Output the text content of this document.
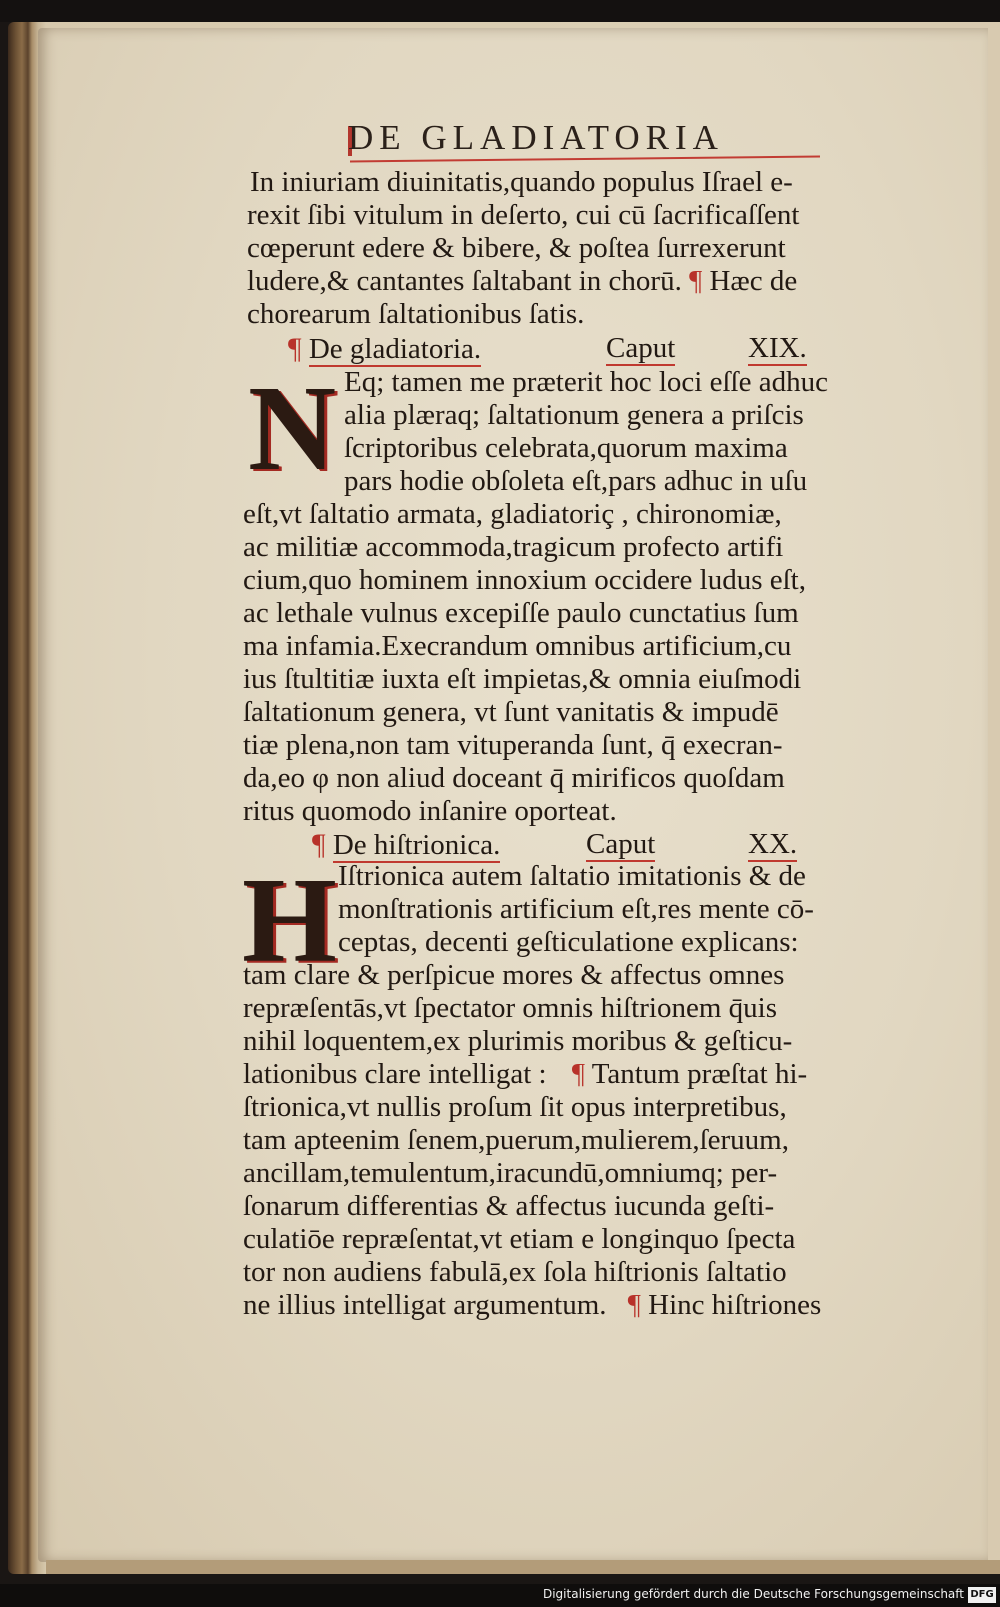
DE GLADIATORIA
In iniuriam diuinitatis,quando populus Iſrael e-
rexit ſibi vitulum in deſerto, cui cū ſacrificaſſent
cœperunt edere & bibere, & poſtea ſurrexerunt
ludere,& cantantes ſaltabant in chorū. ¶ Hæc de
chorearum ſaltationibus ſatis.
¶ De gladiatoria.	Caput	XIX.
N Eq; tamen me præterit hoc loci eſſe adhuc
alia plæraq; ſaltationum genera a priſcis
ſcriptoribus celebrata,quorum maxima
pars hodie obſoleta eſt,pars adhuc in uſu
eſt,vt ſaltatio armata, gladiatoriç , chironomiæ,
ac militiæ accommoda,tragicum profecto artifi
cium,quo hominem innoxium occidere ludus eſt,
ac lethale vulnus excepiſſe paulo cunctatius ſum
ma infamia.Execrandum omnibus artificium,cu
ius ſtultitiæ iuxta eſt impietas,& omnia eiuſmodi
ſaltationum genera, vt ſunt vanitatis & impudē
tiæ plena,non tam vituperanda ſunt, q̄ execran-
da,eo φ non aliud doceant q̄ mirificos quoſdam
ritus quomodo inſanire oporteat.
¶ De hiſtrionica.	Caput	XX.
H Iſtrionica autem ſaltatio imitationis & de
monſtrationis artificium eſt,res mente cō-
ceptas, decenti geſticulatione explicans:
tam clare & perſpicue mores & affectus omnes
repræſentās,vt ſpectator omnis hiſtrionem q̄uis
nihil loquentem,ex plurimis moribus & geſticu-
lationibus clare intelligat : ¶ Tantum præſtat hi-
ſtrionica,vt nullis proſum ſit opus interpretibus,
tam apteenim ſenem,puerum,mulierem,ſeruum,
ancillam,temulentum,iracundū,omniumq; per-
ſonarum differentias & affectus iucunda geſti-
culatiōe repræſentat,vt etiam e longinquo ſpecta
tor non audiens fabulā,ex ſola hiſtrionis ſaltatio
ne illius intelligat argumentum. ¶ Hinc hiſtriones
Digitalisierung gefördert durch die Deutsche Forschungsgemeinschaft DFG
